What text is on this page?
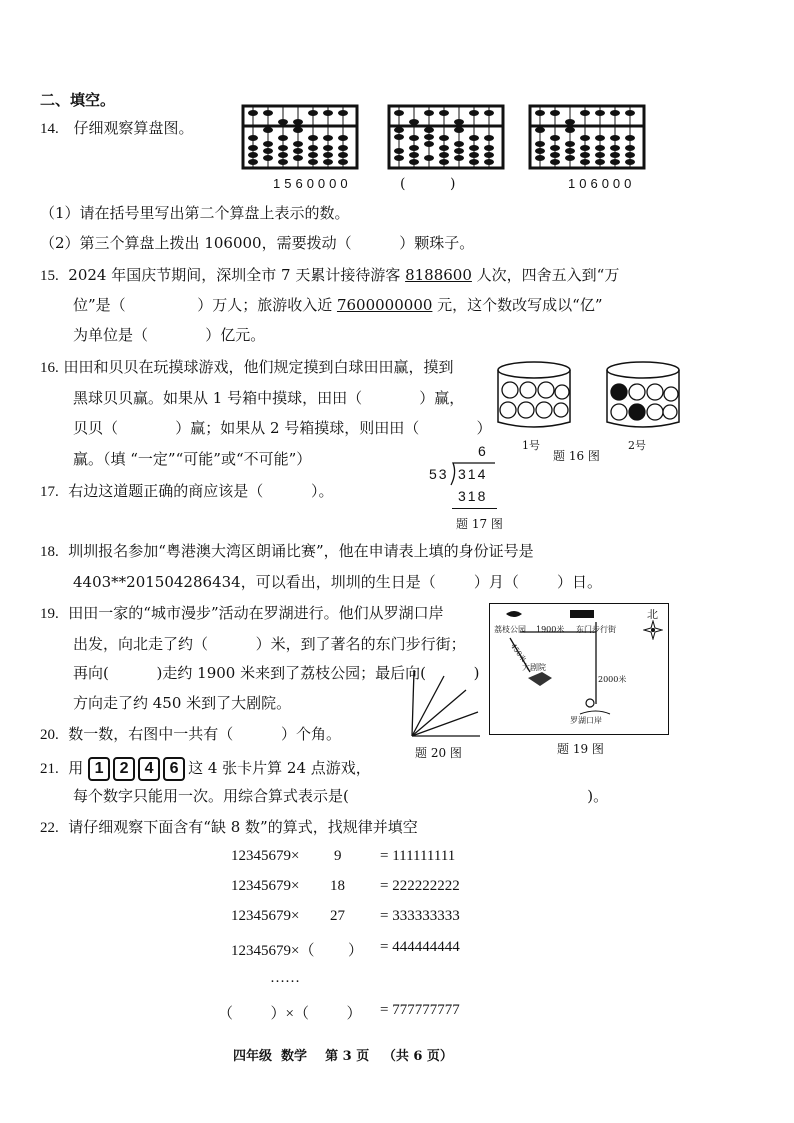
二、填空。
14. 仔细观察算盘图。
1560000	(          )	106000
（1）请在括号里写出第二个算盘上表示的数。
（2）第三个算盘上拨出 106000，需要拨动（          ）颗珠子。
15. 2024 年国庆节期间，深圳全市 7 天累计接待游客 8188600 人次，四舍五入到“万
位”是（               ）万人；旅游收入近 7600000000 元，这个数改写成以“亿”
为单位是（            ）亿元。
16. 田田和贝贝在玩摸球游戏，他们规定摸到白球田田赢，摸到
黑球贝贝赢。如果从 1 号箱中摸球，田田（            ）赢，
贝贝（            ）赢；如果从 2 号箱摸球，则田田（            ）
赢。（填 “一定”“可能”或“不可能”）
1号
题 16 图
2号
17. 右边这道题正确的商应该是（          ）。
6
53 314
318
题 17 图
18. 圳圳报名参加“粤港澳大湾区朗诵比赛”，他在申请表上填的身份证号是
4403**201504286434，可以看出，圳圳的生日是（        ）月（        ）日。
19. 田田一家的“城市漫步”活动在罗湖进行。他们从罗湖口岸
出发，向北走了约（          ）米，到了著名的东门步行街；
再向(          )走约 1900 米来到了荔枝公园；最后向(          )
方向走了约 450 米到了大剧院。
荔枝公园 1900米 东门步行街
450米
大剧院
2000米
罗湖口岸
北
题 19 图
20. 数一数，右图中一共有（          ）个角。
题 20 图
21. 用 1 2 4 6 这 4 张卡片算 24 点游戏，
每个数字只能用一次。用综合算式表示是(                                                  )。
22. 请仔细观察下面含有“缺 8 数”的算式，找规律并填空
12345679× 9	= 111111111
12345679× 18 = 222222222
12345679× 27 = 333333333
12345679×（ ） = 444444444
……
（          ）×（          ） = 777777777
四年级  数学    第 3 页   （共 6 页）
